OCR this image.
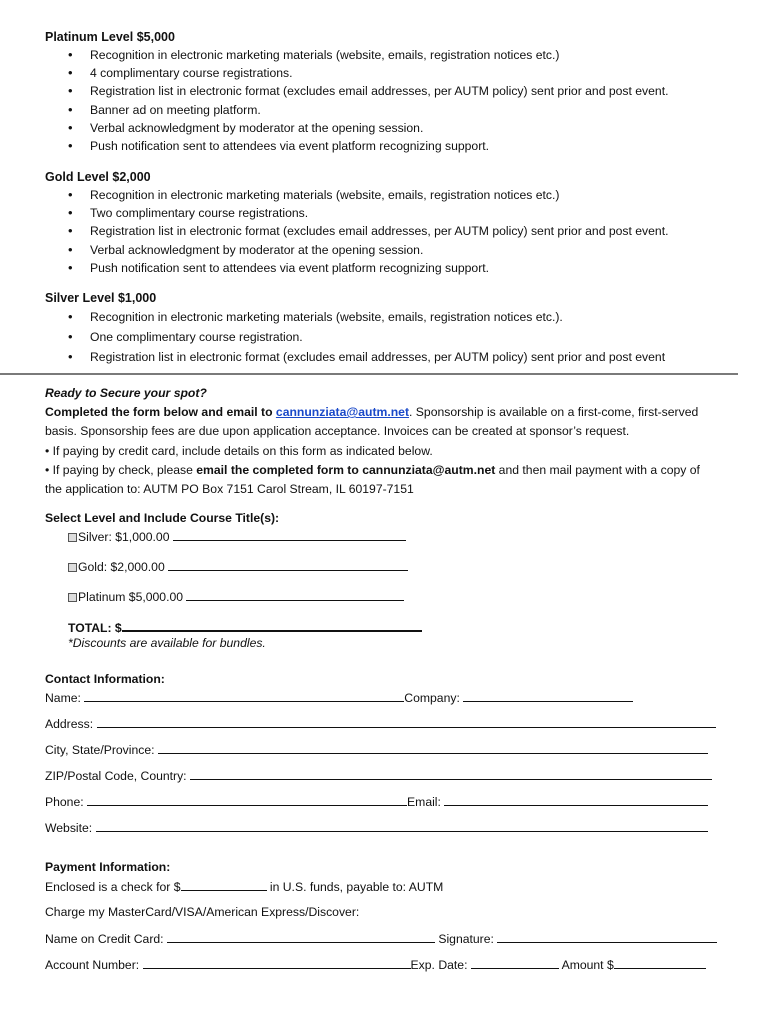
Platinum Level $5,000
• Recognition in electronic marketing materials (website, emails, registration notices etc.)
• 4 complimentary course registrations.
• Registration list in electronic format (excludes email addresses, per AUTM policy) sent prior and post event.
• Banner ad on meeting platform.
• Verbal acknowledgment by moderator at the opening session.
• Push notification sent to attendees via event platform recognizing support.
Gold Level $2,000
• Recognition in electronic marketing materials (website, emails, registration notices etc.)
• Two complimentary course registrations.
• Registration list in electronic format (excludes email addresses, per AUTM policy) sent prior and post event.
• Verbal acknowledgment by moderator at the opening session.
• Push notification sent to attendees via event platform recognizing support.
Silver Level $1,000
• Recognition in electronic marketing materials (website, emails, registration notices etc.).
• One complimentary course registration.
• Registration list in electronic format (excludes email addresses, per AUTM policy) sent prior and post event
Ready to Secure your spot?
Completed the form below and email to cannunziata@autm.net. Sponsorship is available on a first-come, first-served
basis. Sponsorship fees are due upon application acceptance. Invoices can be created at sponsor’s request.
• If paying by credit card, include details on this form as indicated below.
• If paying by check, please email the completed form to cannunziata@autm.net and then mail payment with a copy of
the application to: AUTM PO Box 7151 Carol Stream, IL 60197-7151
Select Level and Include Course Title(s):
Silver: $1,000.00
Gold: $2,000.00
Platinum $5,000.00
TOTAL: $
*Discounts are available for bundles.
Contact Information:
Name:	Company:
Address:
City, State/Province:
ZIP/Postal Code, Country:
Phone:	Email:
Website:
Payment Information:
Enclosed is a check for $	in U.S. funds, payable to: AUTM
Charge my MasterCard/VISA/American Express/Discover:
Name on Credit Card:	Signature:
Account Number:	Exp. Date:	Amount $
